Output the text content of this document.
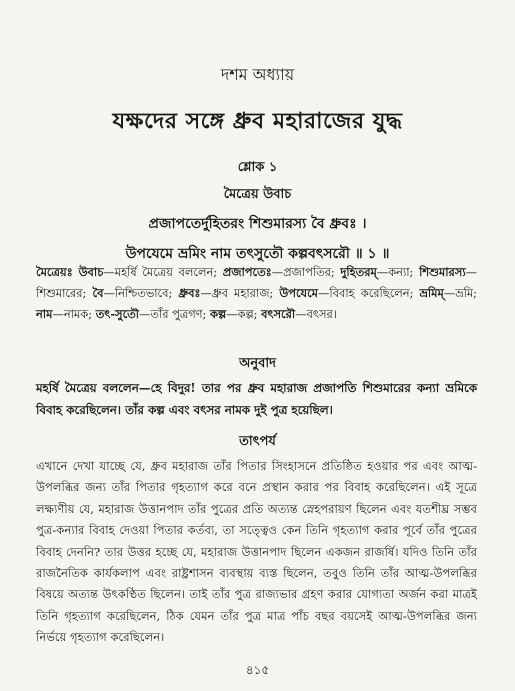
দশম অধ্যায়
যক্ষদের সঙ্গে ধ্রুব মহারাজের যুদ্ধ
শ্লোক ১
মৈত্রেয় উবাচ
প্রজাপতের্দুহিতরং শিশুমারস্য বৈ ধ্রুবঃ ।
উপযেমে ভ্রমিং নাম তৎসুতৌ কল্পবৎসরৌ ॥ ১ ॥
মৈত্রেয়ঃ উবাচ—মহর্ষি মৈত্রেয় বললেন; প্রজাপতেঃ—প্রজাপতির; দুহিতরম্—কন্যা; শিশুমারস্য—শিশুমারের; বৈ—নিশ্চিতভাবে; ধ্রুবঃ—ধ্রুব মহারাজ; উপযেমে—বিবাহ করেছিলেন; ভ্রমিম্—ভ্রমি; নাম—নামক; তৎ-সুতৌ—তাঁর পুত্রগণ; কল্প—কল্প; বৎসরৌ—বৎসর।
অনুবাদ
মহর্ষি মৈত্রেয় বললেন—হে বিদুর! তার পর ধ্রুব মহারাজ প্রজাপতি শিশুমারের কন্যা ভ্রমিকে বিবাহ করেছিলেন। তাঁর কল্প এবং বৎসর নামক দুই পুত্র হয়েছিল।
তাৎপর্য
এখানে দেখা যাচ্ছে যে, ধ্রুব মহারাজ তাঁর পিতার সিংহাসনে প্রতিষ্ঠিত হওয়ার পর এবং আত্ম-উপলব্ধির জন্য তাঁর পিতার গৃহত্যাগ করে বনে প্রস্থান করার পর বিবাহ করেছিলেন। এই সূত্রে লক্ষ্যণীয় যে, মহারাজ উত্তানপাদ তাঁর পুত্রের প্রতি অত্যন্ত স্নেহপরায়ণ ছিলেন এবং যতশীঘ্র সম্ভব পুত্র-কন্যার বিবাহ দেওয়া পিতার কর্তব্য, তা সত্ত্বেও কেন তিনি গৃহত্যাগ করার পূর্বে তাঁর পুত্রের বিবাহ দেননি? তার উত্তর হচ্ছে যে, মহারাজ উত্তানপাদ ছিলেন একজন রাজর্ষি। যদিও তিনি তাঁর রাজনৈতিক কার্যকলাপ এবং রাষ্ট্রশাসন ব্যবস্থায় ব্যস্ত ছিলেন, তবুও তিনি তাঁর আত্ম-উপলব্ধির বিষয়ে অত্যন্ত উৎকণ্ঠিত ছিলেন। তাই তাঁর পুত্র রাজ্যভার গ্রহণ করার যোগ্যতা অর্জন করা মাত্রই তিনি গৃহত্যাগ করেছিলেন, ঠিক যেমন তাঁর পুত্র মাত্র পাঁচ বছর বয়সেই আত্ম-উপলব্ধির জন্য নির্ভয়ে গৃহত্যাগ করেছিলেন।
৪১৫
